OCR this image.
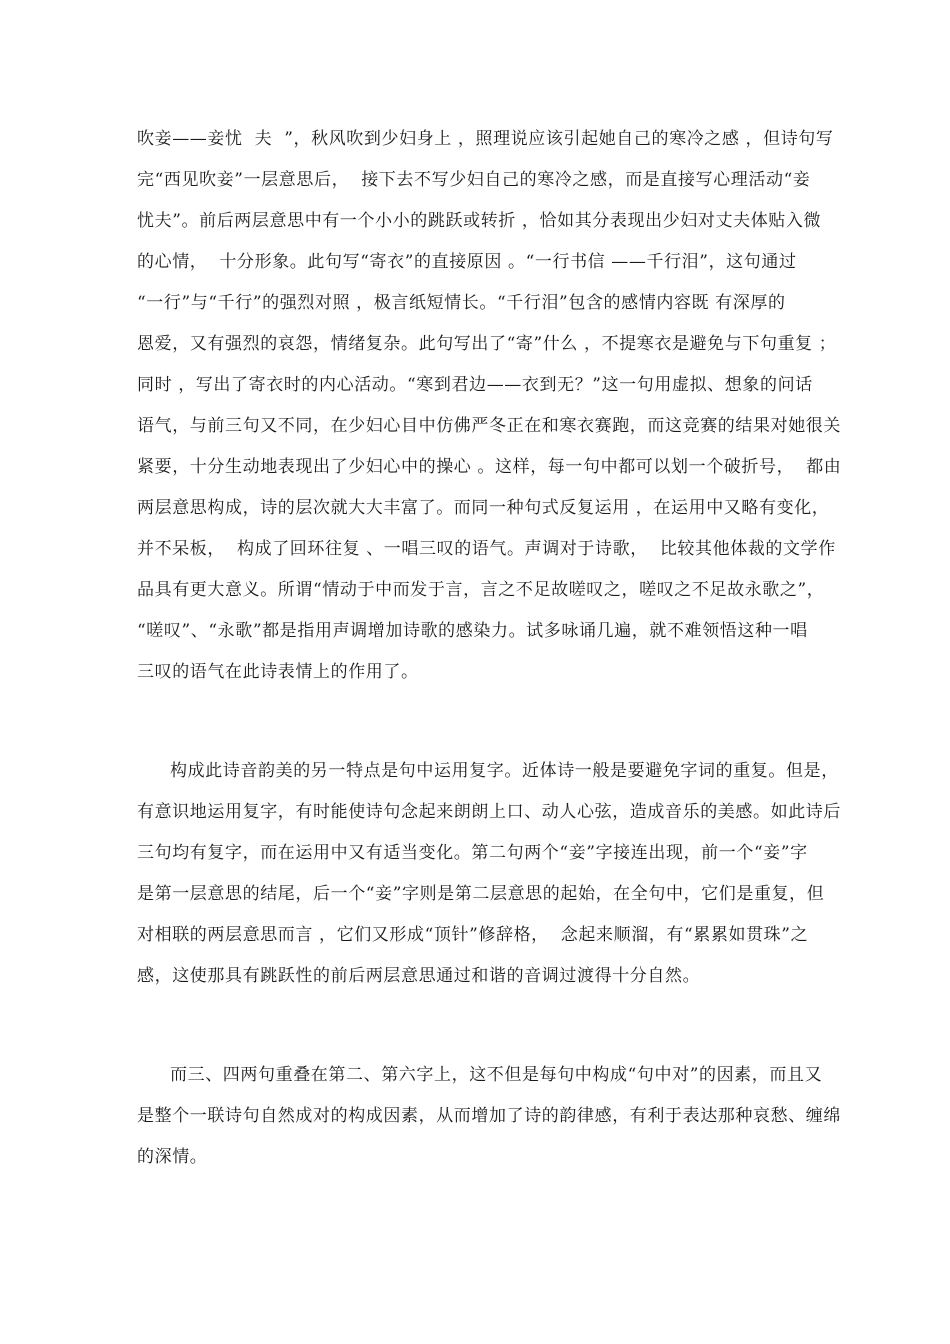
吹妾——妾忧  夫  ”，秋风吹到少妇身上 ，照理说应该引起她自己的寒冷之感 ，但诗句写
完“西见吹妾”一层意思后，  接下去不写少妇自己的寒冷之感，而是直接写心理活动“妾
忧夫”。前后两层意思中有一个小小的跳跃或转折 ，恰如其分表现出少妇对丈夫体贴入微
的心情，  十分形象。此句写“寄衣”的直接原因 。“一行书信 ——千行泪”，这句通过
“一行”与“千行”的强烈对照 ，极言纸短情长。“千行泪”包含的感情内容既 有深厚的
恩爱，又有强烈的哀怨，情绪复杂。此句写出了“寄”什么 ，不提寒衣是避免与下句重复 ；
同时 ，写出了寄衣时的内心活动。“寒到君边——衣到无？”这一句用虚拟、想象的问话
语气，与前三句又不同，在少妇心目中仿佛严冬正在和寒衣赛跑，而这竞赛的结果对她很关
紧要，十分生动地表现出了少妇心中的操心 。这样，每一句中都可以划一个破折号，  都由
两层意思构成，诗的层次就大大丰富了。而同一种句式反复运用 ，在运用中又略有变化，
并不呆板，  构成了回环往复 、一唱三叹的语气。声调对于诗歌，  比较其他体裁的文学作
品具有更大意义。所谓“情动于中而发于言，言之不足故嗟叹之，嗟叹之不足故永歌之”，
“嗟叹”、“永歌”都是指用声调增加诗歌的感染力。试多咏诵几遍，就不难领悟这种一唱
三叹的语气在此诗表情上的作用了。
构成此诗音韵美的另一特点是句中运用复字。近体诗一般是要避免字词的重复。但是，
有意识地运用复字，有时能使诗句念起来朗朗上口、动人心弦，造成音乐的美感。如此诗后
三句均有复字，而在运用中又有适当变化。第二句两个“妾”字接连出现，前一个“妾”字
是第一层意思的结尾，后一个“妾”字则是第二层意思的起始，在全句中，它们是重复，但
对相联的两层意思而言 ，它们又形成“顶针”修辞格，  念起来顺溜，有“累累如贯珠”之
感，这使那具有跳跃性的前后两层意思通过和谐的音调过渡得十分自然。
而三、四两句重叠在第二、第六字上，这不但是每句中构成“句中对”的因素，而且又
是整个一联诗句自然成对的构成因素，从而增加了诗的韵律感，有利于表达那种哀愁、缠绵
的深情。
